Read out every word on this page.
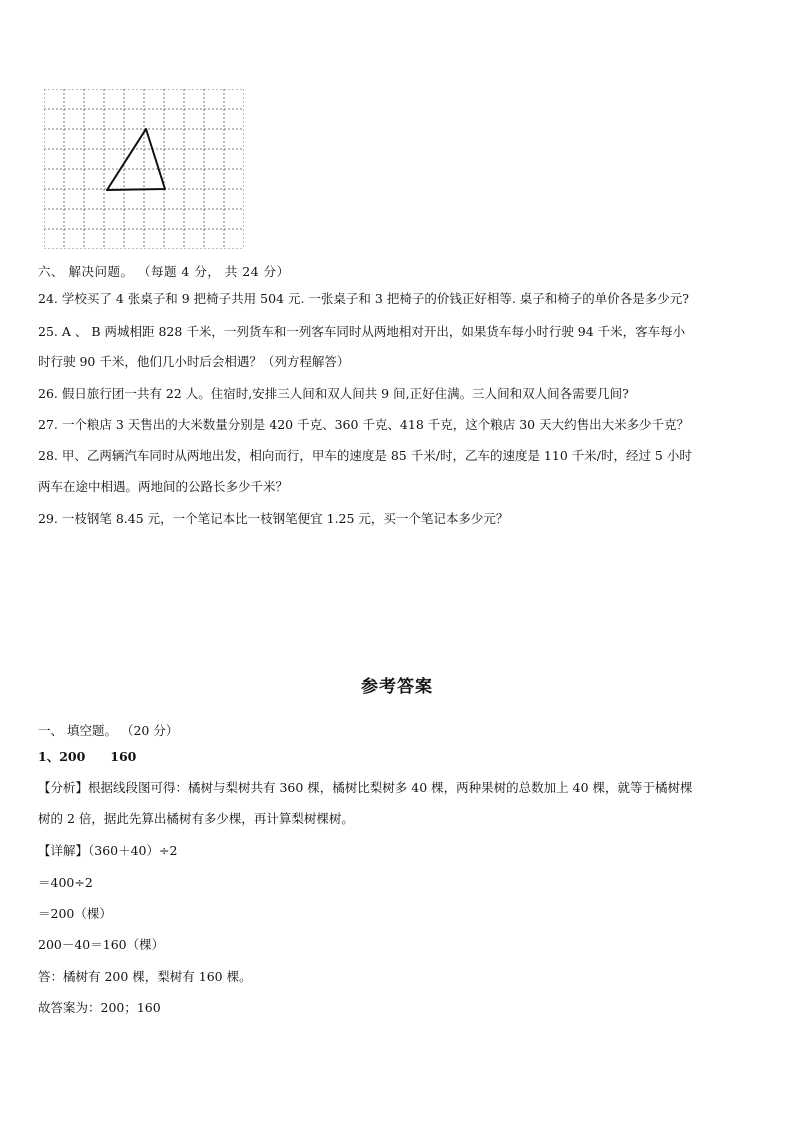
六、 解决问题。 （每题 4 分， 共 24 分）
24. 学校买了 4 张桌子和 9 把椅子共用 504 元. 一张桌子和 3 把椅子的价钱正好相等. 桌子和椅子的单价各是多少元?
25. A 、 B 两城相距 828 千米，一列货车和一列客车同时从两地相对开出，如果货车每小时行驶 94 千米，客车每小
时行驶 90 千米，他们几小时后会相遇？（列方程解答）
26. 假日旅行团一共有 22 人。住宿时,安排三人间和双人间共 9 间,正好住满。三人间和双人间各需要几间?
27. 一个粮店 3 天售出的大米数量分别是 420 千克、360 千克、418 千克，这个粮店 30 天大约售出大米多少千克？
28. 甲、乙两辆汽车同时从两地出发，相向而行，甲车的速度是 85 千米/时，乙车的速度是 110 千米/时，经过 5 小时
两车在途中相遇。两地间的公路长多少千米？
29. 一枝钢笔 8.45 元，一个笔记本比一枝钢笔便宜 1.25 元，买一个笔记本多少元？
参考答案
一、 填空题。 （20 分）
1、200　　160
【分析】根据线段图可得：橘树与梨树共有 360 棵，橘树比梨树多 40 棵，两种果树的总数加上 40 棵，就等于橘树棵
树的 2 倍，据此先算出橘树有多少棵，再计算梨树棵树。
【详解】（360＋40）÷2
＝400÷2
＝200（棵）
200－40＝160（棵）
答：橘树有 200 棵，梨树有 160 棵。
故答案为：200；160
